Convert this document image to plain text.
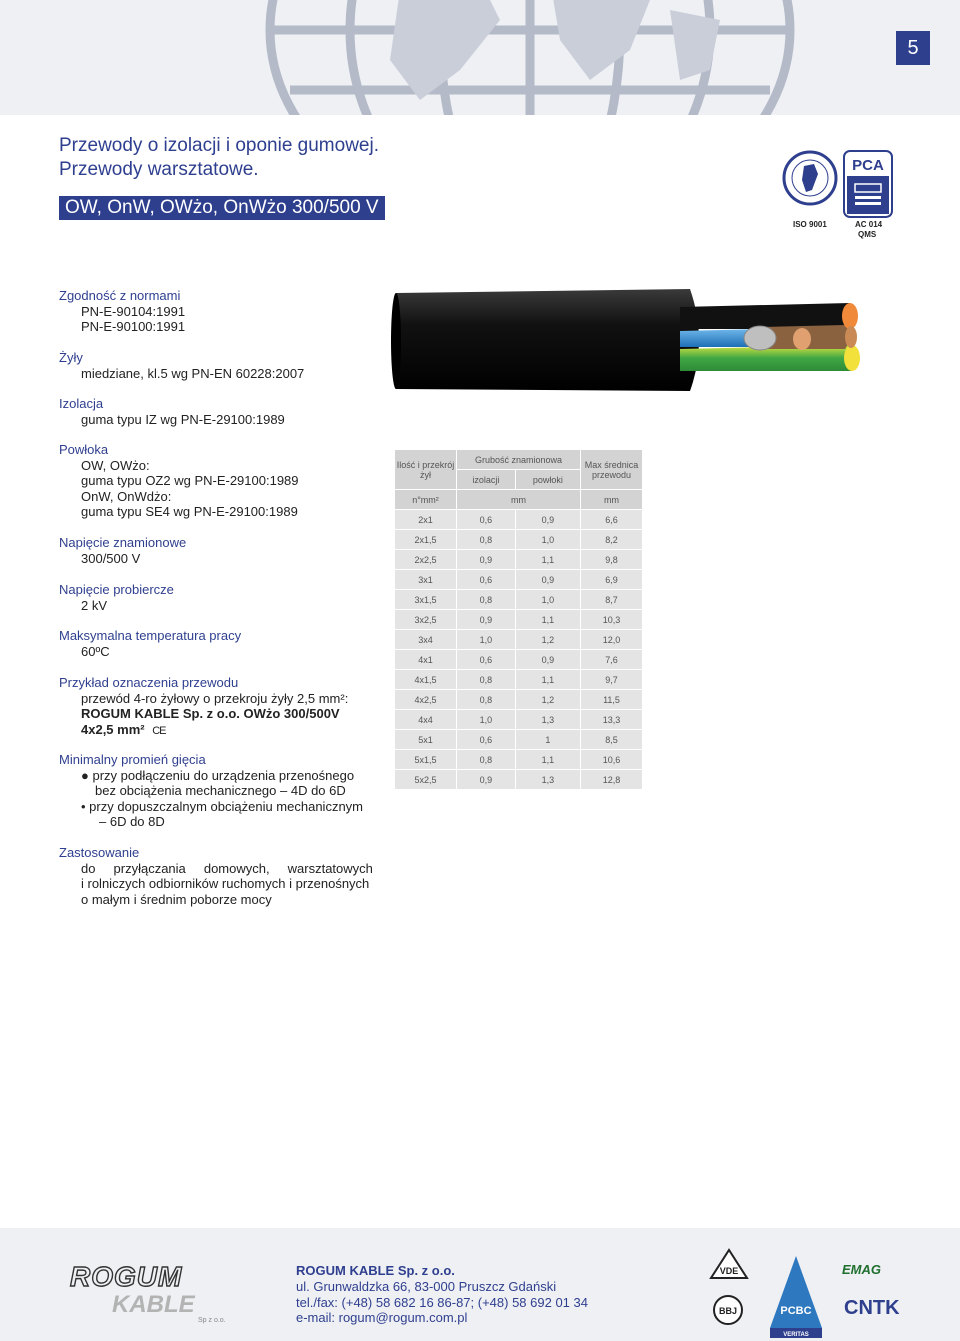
5
Przewody o izolacji i oponie gumowej.
Przewody warsztatowe.
OW, OnW, OWżo, OnWżo 300/500 V
ISO 9001
PCA
AC 014
QMS
Zgodność z normami
PN-E-90104:1991
PN-E-90100:1991
Żyły
miedziane, kl.5 wg PN-EN 60228:2007
Izolacja
guma typu IZ wg PN-E-29100:1989
Powłoka
OW, OWżo:
guma typu OZ2 wg PN-E-29100:1989
OnW, OnWdżo:
guma typu SE4 wg PN-E-29100:1989
Napięcie znamionowe
300/500 V
Napięcie probiercze
2 kV
Maksymalna temperatura pracy
60ºC
Przykład oznaczenia przewodu
przewód 4-ro żyłowy o przekroju żyły 2,5 mm²:
ROGUM KABLE Sp. z o.o. OWżo 300/500V
4x2,5 mm² CE
Minimalny promień gięcia
● przy podłączeniu do urządzenia przenośnego
bez obciążenia mechanicznego – 4D do 6D
• przy dopuszczalnym obciążeniu mechanicznym
– 6D do 8D
Zastosowanie
do     przyłączania     domowych,     warsztatowych
i rolniczych odbiorników ruchomych i przenośnych
o małym i średnim poborze mocy
Ilość i przekrój żył	Grubość znamionowa		Max średnica przewodu
	izolacji	powłoki	
n°mm²	mm		mm
2x1	0,6	0,9	6,6
2x1,5	0,8	1,0	8,2
2x2,5	0,9	1,1	9,8
3x1	0,6	0,9	6,9
3x1,5	0,8	1,0	8,7
3x2,5	0,9	1,1	10,3
3x4	1,0	1,2	12,0
4x1	0,6	0,9	7,6
4x1,5	0,8	1,1	9,7
4x2,5	0,8	1,2	11,5
4x4	1,0	1,3	13,3
5x1	0,6	1	8,5
5x1,5	0,8	1,1	10,6
5x2,5	0,9	1,3	12,8
ROGUM
KABLE
Sp z o.o.
ROGUM KABLE Sp. z o.o.
ul. Grunwaldzka 66, 83-000 Pruszcz Gdański
tel./fax: (+48) 58 682 16 86-87; (+48) 58 692 01 34
e-mail: rogum@rogum.com.pl
VDE
BBJ	PCBC
VERITAS
EMAG
CNTK
